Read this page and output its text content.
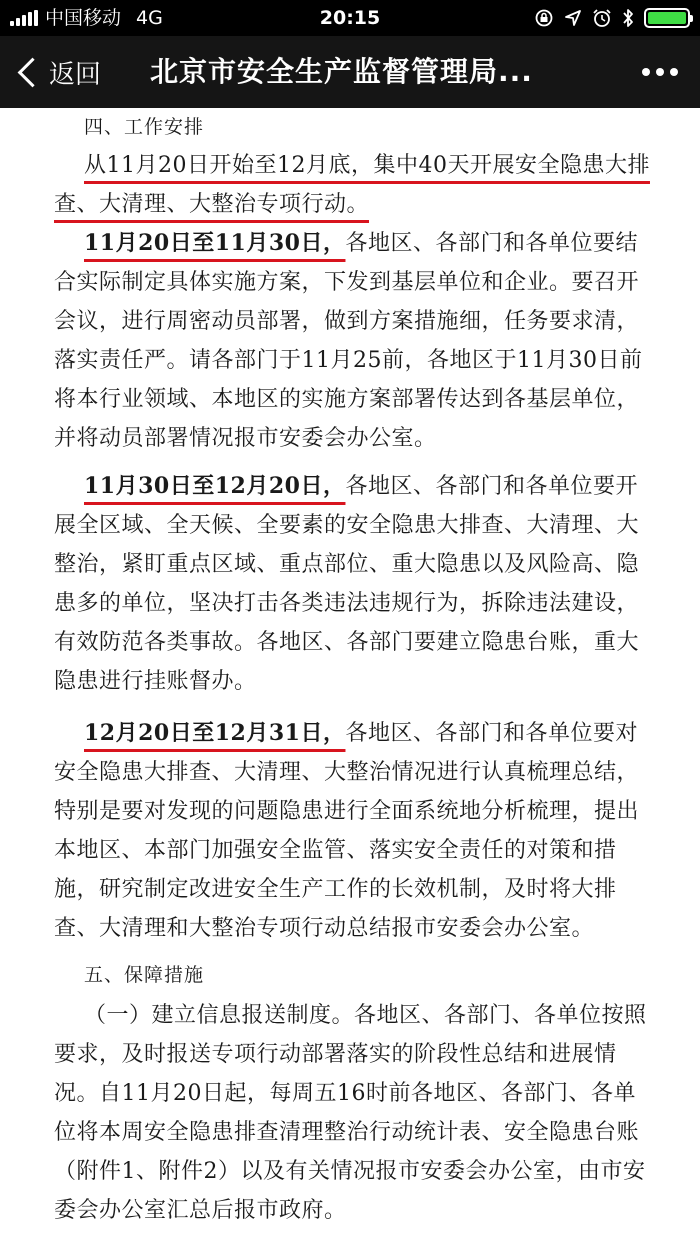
中国移动 4G	20:15
返回 北京市安全生产监督管理局...

四、工作安排

从11月20日开始至12月底，集中40天开展安全隐患大排查、大清理、大整治专项行动。

11月20日至11月30日，各地区、各部门和各单位要结合实际制定具体实施方案，下发到基层单位和企业。要召开会议，进行周密动员部署，做到方案措施细，任务要求清，落实责任严。请各部门于11月25前，各地区于11月30日前将本行业领域、本地区的实施方案部署传达到各基层单位，并将动员部署情况报市安委会办公室。

11月30日至12月20日，各地区、各部门和各单位要开展全区域、全天候、全要素的安全隐患大排查、大清理、大整治，紧盯重点区域、重点部位、重大隐患以及风险高、隐患多的单位，坚决打击各类违法违规行为，拆除违法建设，有效防范各类事故。各地区、各部门要建立隐患台账，重大隐患进行挂账督办。

12月20日至12月31日，各地区、各部门和各单位要对安全隐患大排查、大清理、大整治情况进行认真梳理总结，特别是要对发现的问题隐患进行全面系统地分析梳理，提出本地区、本部门加强安全监管、落实安全责任的对策和措施，研究制定改进安全生产工作的长效机制，及时将大排查、大清理和大整治专项行动总结报市安委会办公室。

五、保障措施

（一）建立信息报送制度。各地区、各部门、各单位按照要求，及时报送专项行动部署落实的阶段性总结和进展情况。自11月20日起，每周五16时前各地区、各部门、各单位将本周安全隐患排查清理整治行动统计表、安全隐患台账（附件1、附件2）以及有关情况报市安委会办公室，由市安委会办公室汇总后报市政府。
